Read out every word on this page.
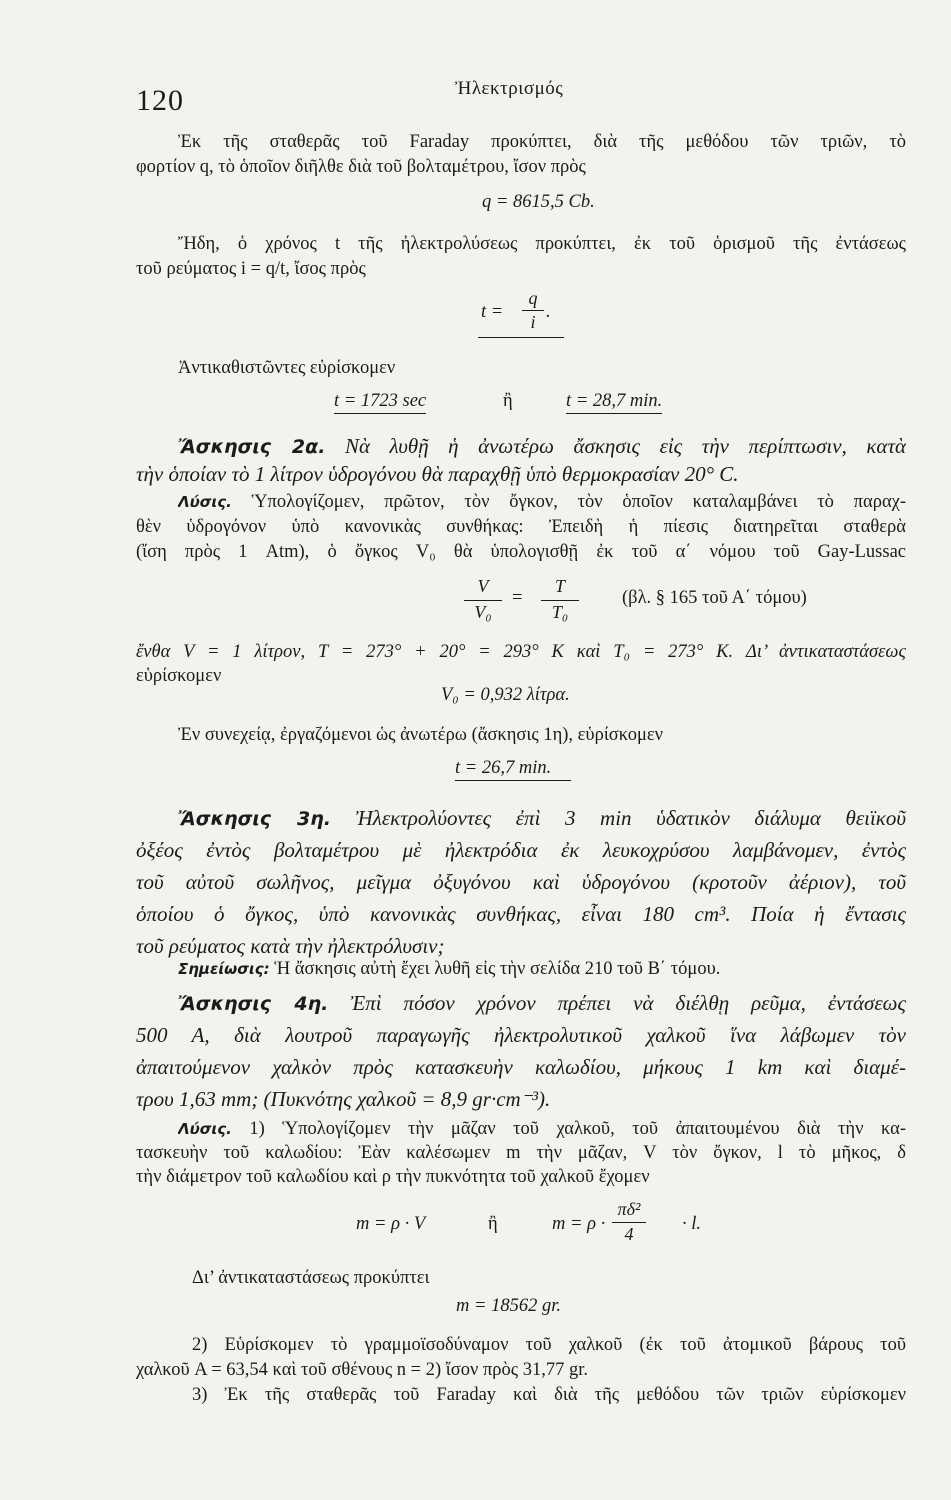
120	Ἠλεκτρισμός
Ἐκ τῆς σταθερᾶς τοῦ Faraday προκύπτει, διὰ τῆς μεθόδου τῶν τριῶν, τὸ
φορτίον q, τὸ ὁποῖον διῆλθε διὰ τοῦ βολταμέτρου, ἴσον πρὸς
q = 8615,5 Cb.
Ἤδη, ὁ χρόνος t τῆς ἠλεκτρολύσεως προκύπτει, ἐκ τοῦ ὁρισμοῦ τῆς ἐντάσεως
τοῦ ρεύματος i = q/t, ἴσος πρὸς
t =
q
i .
Ἀντικαθιστῶντες εὑρίσκομεν
t = 1723 sec	ἢ	t = 28,7 min.
Ἄσκησις 2α. Νὰ λυθῇ ἡ ἀνωτέρω ἄσκησις εἰς τὴν περίπτωσιν, κατὰ
τὴν ὁποίαν τὸ 1 λίτρον ὑδρογόνου θὰ παραχθῇ ὑπὸ θερμοκρασίαν 20° C.
Λύσις. Ὑπολογίζομεν, πρῶτον, τὸν ὄγκον, τὸν ὁποῖον καταλαμβάνει τὸ παραχ-
θὲν ὑδρογόνον ὑπὸ κανονικὰς συνθήκας: Ἐπειδὴ ἡ πίεσις διατηρεῖται σταθερὰ
(ἴση πρὸς 1 Atm), ὁ ὄγκος V₀ θὰ ὑπολογισθῇ ἐκ τοῦ α΄ νόμου τοῦ Gay-Lussac
V
V₀
=
T
T₀
(βλ. § 165 τοῦ Α΄ τόμου)
ἔνθα V = 1 λίτρον, T = 273° + 20° = 293° K καὶ T₀ = 273° K. Δι’ ἀντικαταστάσεως
εὑρίσκομεν
V₀ = 0,932 λίτρα.
Ἐν συνεχείᾳ, ἐργαζόμενοι ὡς ἀνωτέρω (ἄσκησις 1η), εὑρίσκομεν
t = 26,7 min.
Ἄσκησις 3η. Ἠλεκτρολύοντες ἐπὶ 3 min ὑδατικὸν διάλυμα θειϊκοῦ
ὀξέος ἐντὸς βολταμέτρου μὲ ἠλεκτρόδια ἐκ λευκοχρύσου λαμβάνομεν, ἐντὸς
τοῦ αὐτοῦ σωλῆνος, μεῖγμα ὀξυγόνου καὶ ὑδρογόνου (κροτοῦν ἀέριον), τοῦ
ὁποίου ὁ ὄγκος, ὑπὸ κανονικὰς συνθήκας, εἶναι 180 cm³. Ποία ἡ ἔντασις
τοῦ ρεύματος κατὰ τὴν ἠλεκτρόλυσιν;
Σημείωσις: Ἡ ἄσκησις αὐτὴ ἔχει λυθῆ εἰς τὴν σελίδα 210 τοῦ Β΄ τόμου.
Ἄσκησις 4η. Ἐπὶ πόσον χρόνον πρέπει νὰ διέλθῃ ρεῦμα, ἐντάσεως
500 A, διὰ λουτροῦ παραγωγῆς ἠλεκτρολυτικοῦ χαλκοῦ ἵνα λάβωμεν τὸν
ἀπαιτούμενον χαλκὸν πρὸς κατασκευὴν καλωδίου, μήκους 1 km καὶ διαμέ-
τρου 1,63 mm; (Πυκνότης χαλκοῦ = 8,9 gr·cm⁻³).
Λύσις. 1) Ὑπολογίζομεν τὴν μᾶζαν τοῦ χαλκοῦ, τοῦ ἀπαιτουμένου διὰ τὴν κα-
τασκευὴν τοῦ καλωδίου: Ἐὰν καλέσωμεν m τὴν μᾶζαν, V τὸν ὄγκον, l τὸ μῆκος, δ
τὴν διάμετρον τοῦ καλωδίου καὶ ρ τὴν πυκνότητα τοῦ χαλκοῦ ἔχομεν
m = ρ · V	ἢ	m = ρ ·
πδ²
4	· l.
Δι’ ἀντικαταστάσεως προκύπτει
m = 18562 gr.
2) Εὑρίσκομεν τὸ γραμμοϊσοδύναμον τοῦ χαλκοῦ (ἐκ τοῦ ἀτομικοῦ βάρους τοῦ
χαλκοῦ A = 63,54 καὶ τοῦ σθένους n = 2) ἴσον πρὸς 31,77 gr.
3) Ἐκ τῆς σταθερᾶς τοῦ Faraday καὶ διὰ τῆς μεθόδου τῶν τριῶν εὑρίσκομεν
